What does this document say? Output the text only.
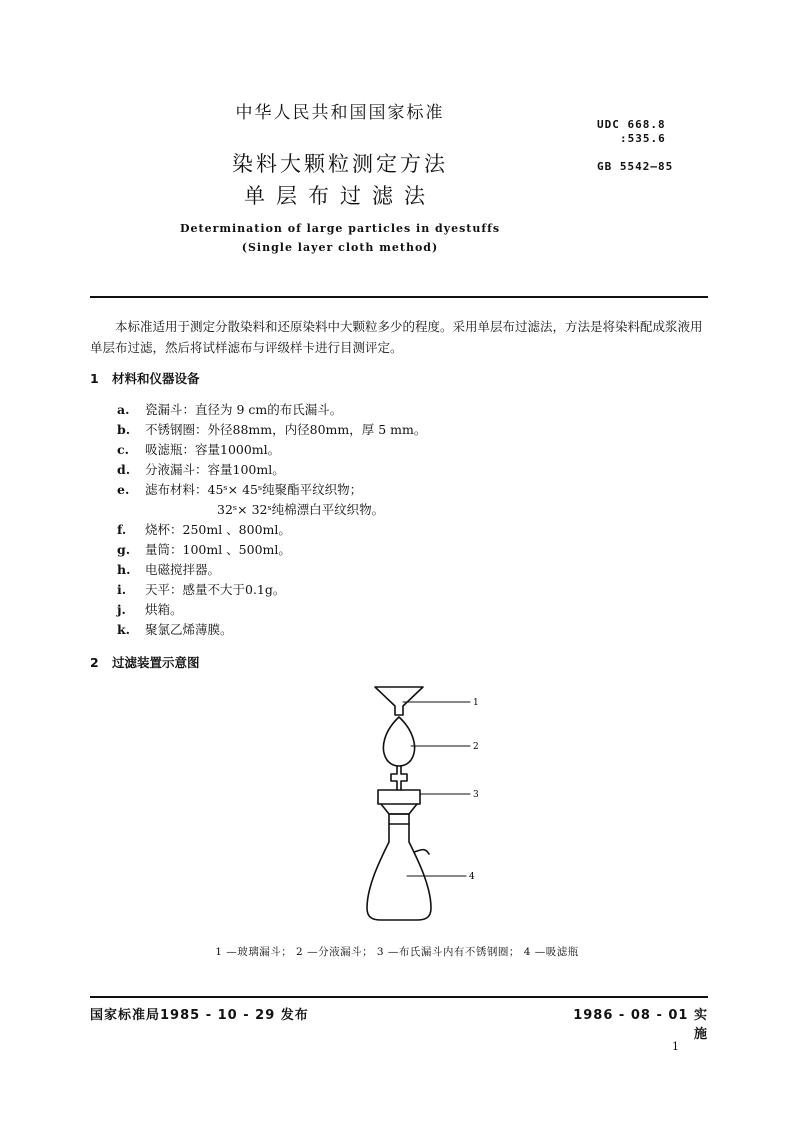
中华人民共和国国家标准
UDC 668.8
:535.6
GB 5542—85
染料大颗粒测定方法
单层布过滤法
Determination of large particles in dyestuffs
(Single layer cloth method)
本标准适用于测定分散染料和还原染料中大颗粒多少的程度。采用单层布过滤法，方法是将染料配成浆液用单层布过滤，然后将试样滤布与评级样卡进行目测评定。
1 材料和仪器设备
a. 瓷漏斗：直径为 9 cm的布氏漏斗。
b. 不锈钢圈：外径88mm，内径80mm，厚 5 mm。
c. 吸滤瓶：容量1000ml。
d. 分液漏斗：容量100ml。
e. 滤布材料：45ˢ× 45ˢ纯聚酯平纹织物；
32ˢ× 32ˢ纯棉漂白平纹织物。
f. 烧杯：250ml 、800ml。
g. 量筒：100ml 、500ml。
h. 电磁搅拌器。
i. 天平：感量不大于0.1g。
j. 烘箱。
k. 聚氯乙烯薄膜。
2 过滤装置示意图
1
2
3
4
1 —玻璃漏斗； 2 —分液漏斗； 3 —布氏漏斗内有不锈钢圈； 4 —吸滤瓶
国家标准局1985 - 10 - 29 发布	1986 - 08 - 01 实施
1
